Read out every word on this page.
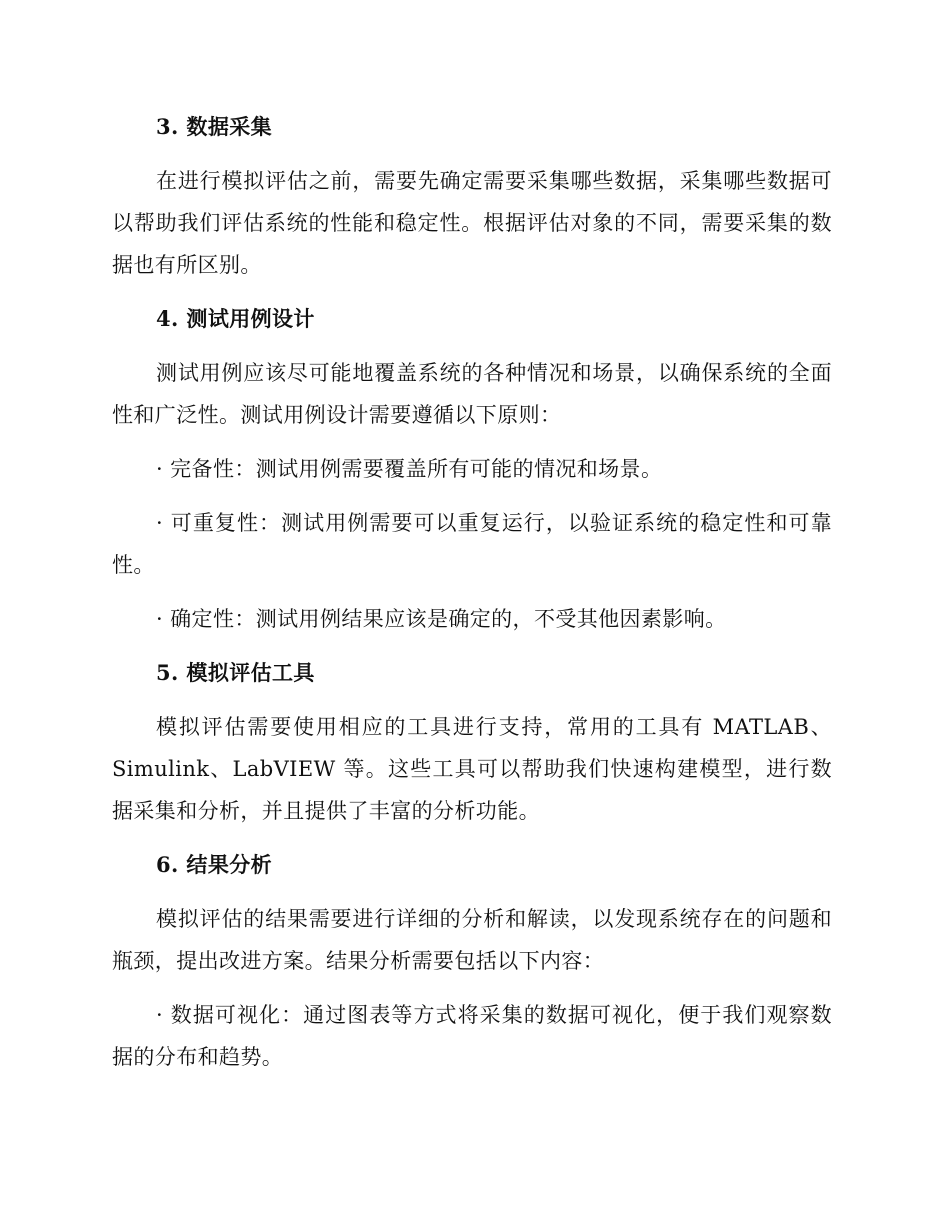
3. 数据采集
在进行模拟评估之前，需要先确定需要采集哪些数据，采集哪些数据可以帮助我们评估系统的性能和稳定性。根据评估对象的不同，需要采集的数据也有所区别。
4. 测试用例设计
测试用例应该尽可能地覆盖系统的各种情况和场景，以确保系统的全面性和广泛性。测试用例设计需要遵循以下原则：
· 完备性：测试用例需要覆盖所有可能的情况和场景。
· 可重复性：测试用例需要可以重复运行，以验证系统的稳定性和可靠性。
· 确定性：测试用例结果应该是确定的，不受其他因素影响。
5. 模拟评估工具
模拟评估需要使用相应的工具进行支持，常用的工具有 MATLAB、Simulink、LabVIEW 等。这些工具可以帮助我们快速构建模型，进行数据采集和分析，并且提供了丰富的分析功能。
6. 结果分析
模拟评估的结果需要进行详细的分析和解读，以发现系统存在的问题和瓶颈，提出改进方案。结果分析需要包括以下内容：
· 数据可视化：通过图表等方式将采集的数据可视化，便于我们观察数据的分布和趋势。
